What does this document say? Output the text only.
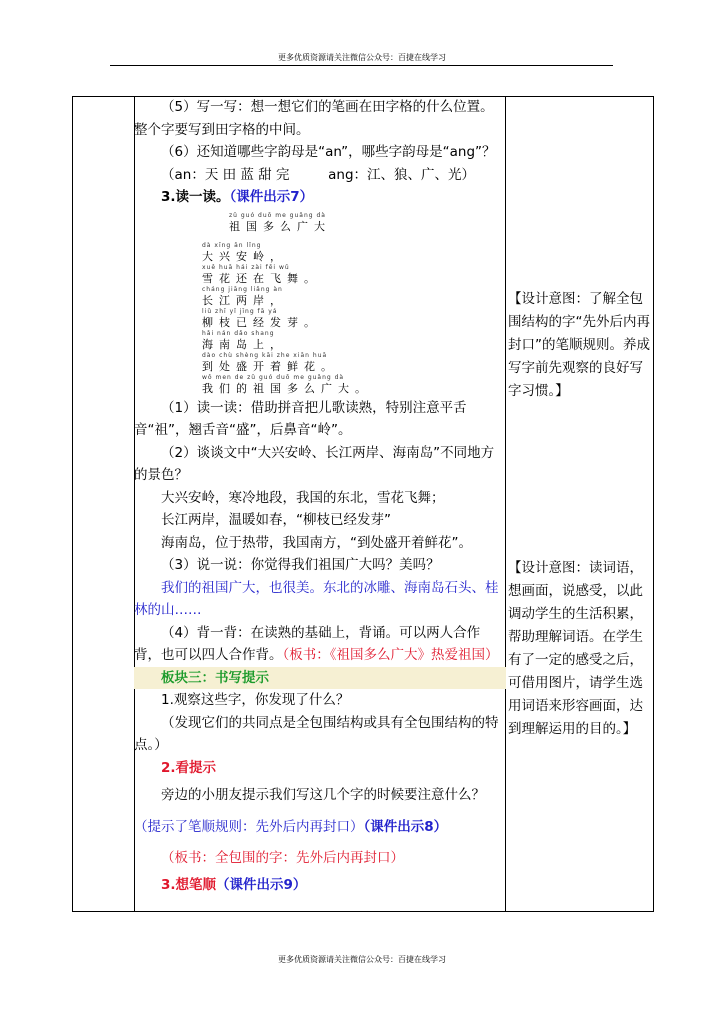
更多优质资源请关注微信公众号：百捷在线学习

（5）写一写：想一想它们的笔画在田字格的什么位置。整个字要写到田字格的中间。

（6）还知道哪些字韵母是“an”，哪些字韵母是“ang”？

（an：天 田 蓝 甜 完	ang：江、狼、广、光）

3.读一读。（课件出示7）

zǔ guó duō me guǎng dà
祖国多么广大
dà xīng ān lǐng
大兴安岭，
xuě huā hái zài fēi wǔ
雪花还在飞舞。
cháng jiāng liǎng àn
长江两岸，
liǔ zhī yǐ jīng fā yá
柳枝已经发芽。
hǎi nán dǎo shang
海南岛上，
dào chù shèng kāi zhe xiān huā
到处盛开着鲜花。
wǒ men de zǔ guó duō me guǎng dà
我们的祖国多么广大。

（1）读一读：借助拼音把儿歌读熟，特别注意平舌音“祖”，翘舌音“盛”，后鼻音“岭”。

（2）谈谈文中“大兴安岭、长江两岸、海南岛”不同地方的景色？

大兴安岭，寒冷地段，我国的东北，雪花飞舞；

长江两岸，温暖如春，“柳枝已经发芽”

海南岛，位于热带，我国南方，“到处盛开着鲜花”。

（3）说一说：你觉得我们祖国广大吗？美吗？

我们的祖国广大，也很美。东北的冰雕、海南岛石头、桂林的山……

（4）背一背：在读熟的基础上，背诵。可以两人合作背，也可以四人合作背。（板书：《祖国多么广大》热爱祖国）

板块三：书写提示

1.观察这些字，你发现了什么？

（发现它们的共同点是全包围结构或具有全包围结构的特点。）

2.看提示

旁边的小朋友提示我们写这几个字的时候要注意什么？（提示了笔顺规则：先外后内再封口）（课件出示8）

（板书：全包围的字：先外后内再封口）

3.想笔顺（课件出示9）

【设计意图：了解全包围结构的字“先外后内再封口”的笔顺规则。养成写字前先观察的良好写字习惯。】
【设计意图：读词语，想画面，说感受，以此调动学生的生活积累，帮助理解词语。在学生有了一定的感受之后，可借用图片，请学生选用词语来形容画面，达到理解运用的目的。】
更多优质资源请关注微信公众号：百捷在线学习
